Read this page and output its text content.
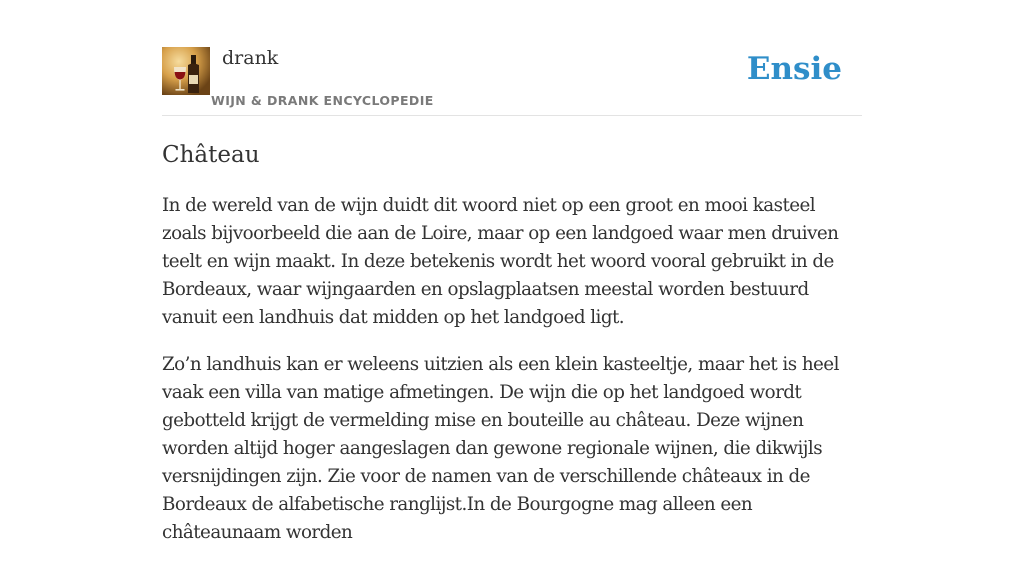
drank
WIJN & DRANK ENCYCLOPEDIE
Ensie
Château

In de wereld van de wijn duidt dit woord niet op een groot en mooi kasteel zoals bijvoorbeeld die aan de Loire, maar op een landgoed waar men druiven teelt en wijn maakt. In deze betekenis wordt het woord vooral gebruikt in de Bordeaux, waar wijngaarden en opslagplaatsen meestal worden bestuurd vanuit een landhuis dat midden op het landgoed ligt.

Zo’n landhuis kan er weleens uitzien als een klein kasteeltje, maar het is heel vaak een villa van matige afmetingen. De wijn die op het landgoed wordt gebotteld krijgt de vermelding mise en bouteille au château. Deze wijnen worden altijd hoger aangeslagen dan gewone regionale wijnen, die dikwijls versnijdingen zijn. Zie voor de namen van de verschillende châteaux in de Bordeaux de alfabetische ranglijst.In de Bourgogne mag alleen een châteaunaam worden
